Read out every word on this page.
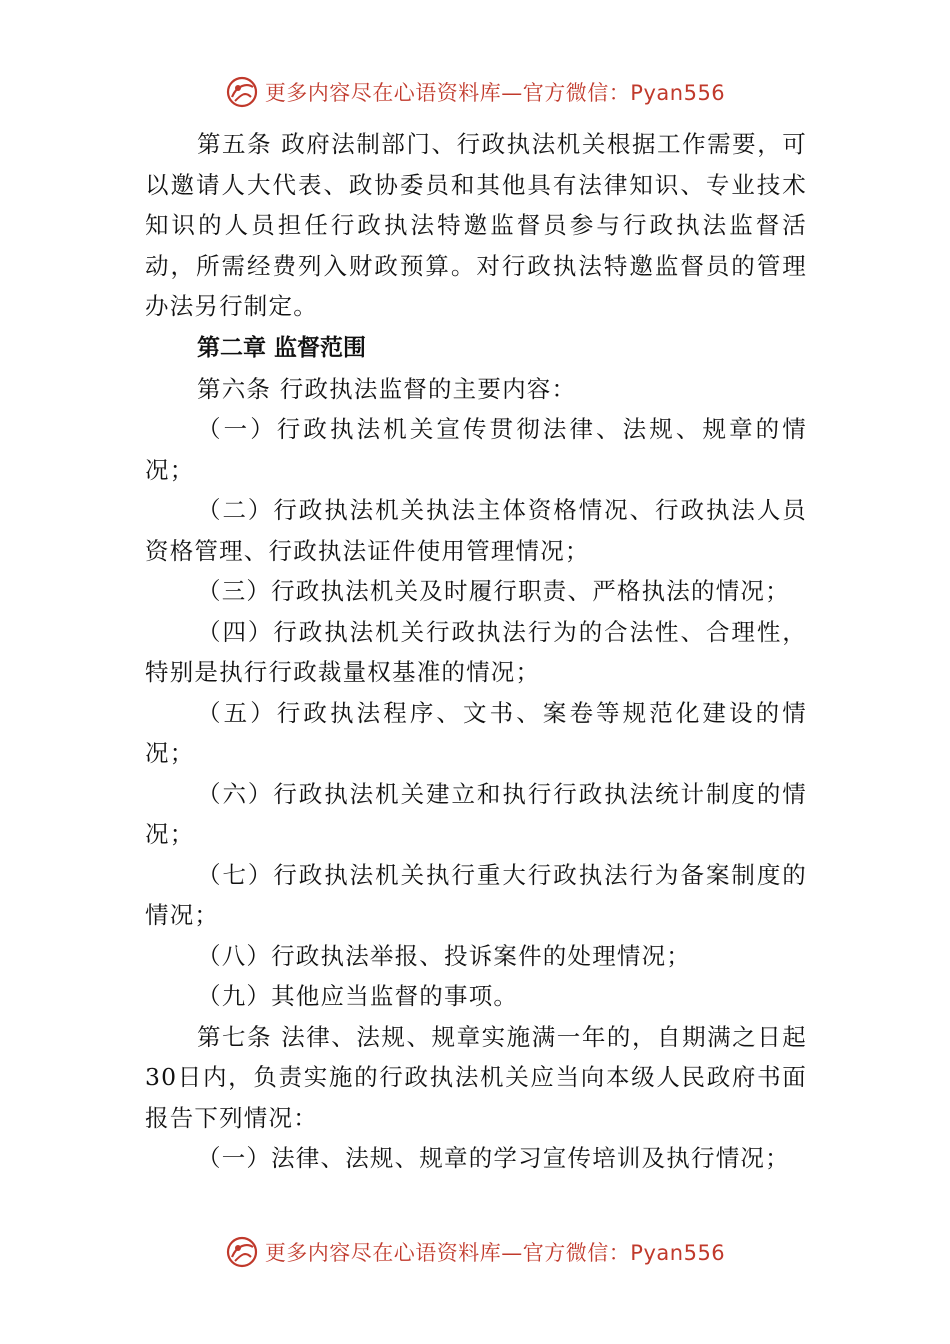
更多内容尽在心语资料库—官方微信：Pyan556

第五条 政府法制部门、行政执法机关根据工作需要，可以邀请人大代表、政协委员和其他具有法律知识、专业技术知识的人员担任行政执法特邀监督员参与行政执法监督活动，所需经费列入财政预算。对行政执法特邀监督员的管理办法另行制定。

第二章 监督范围

第六条 行政执法监督的主要内容：

（一）行政执法机关宣传贯彻法律、法规、规章的情况；

（二）行政执法机关执法主体资格情况、行政执法人员资格管理、行政执法证件使用管理情况；

（三）行政执法机关及时履行职责、严格执法的情况；

（四）行政执法机关行政执法行为的合法性、合理性，特别是执行行政裁量权基准的情况；

（五）行政执法程序、文书、案卷等规范化建设的情况；

（六）行政执法机关建立和执行行政执法统计制度的情况；

（七）行政执法机关执行重大行政执法行为备案制度的情况；

（八）行政执法举报、投诉案件的处理情况；

（九）其他应当监督的事项。

第七条 法律、法规、规章实施满一年的，自期满之日起30日内，负责实施的行政执法机关应当向本级人民政府书面报告下列情况：

（一）法律、法规、规章的学习宣传培训及执行情况；

更多内容尽在心语资料库—官方微信：Pyan556
